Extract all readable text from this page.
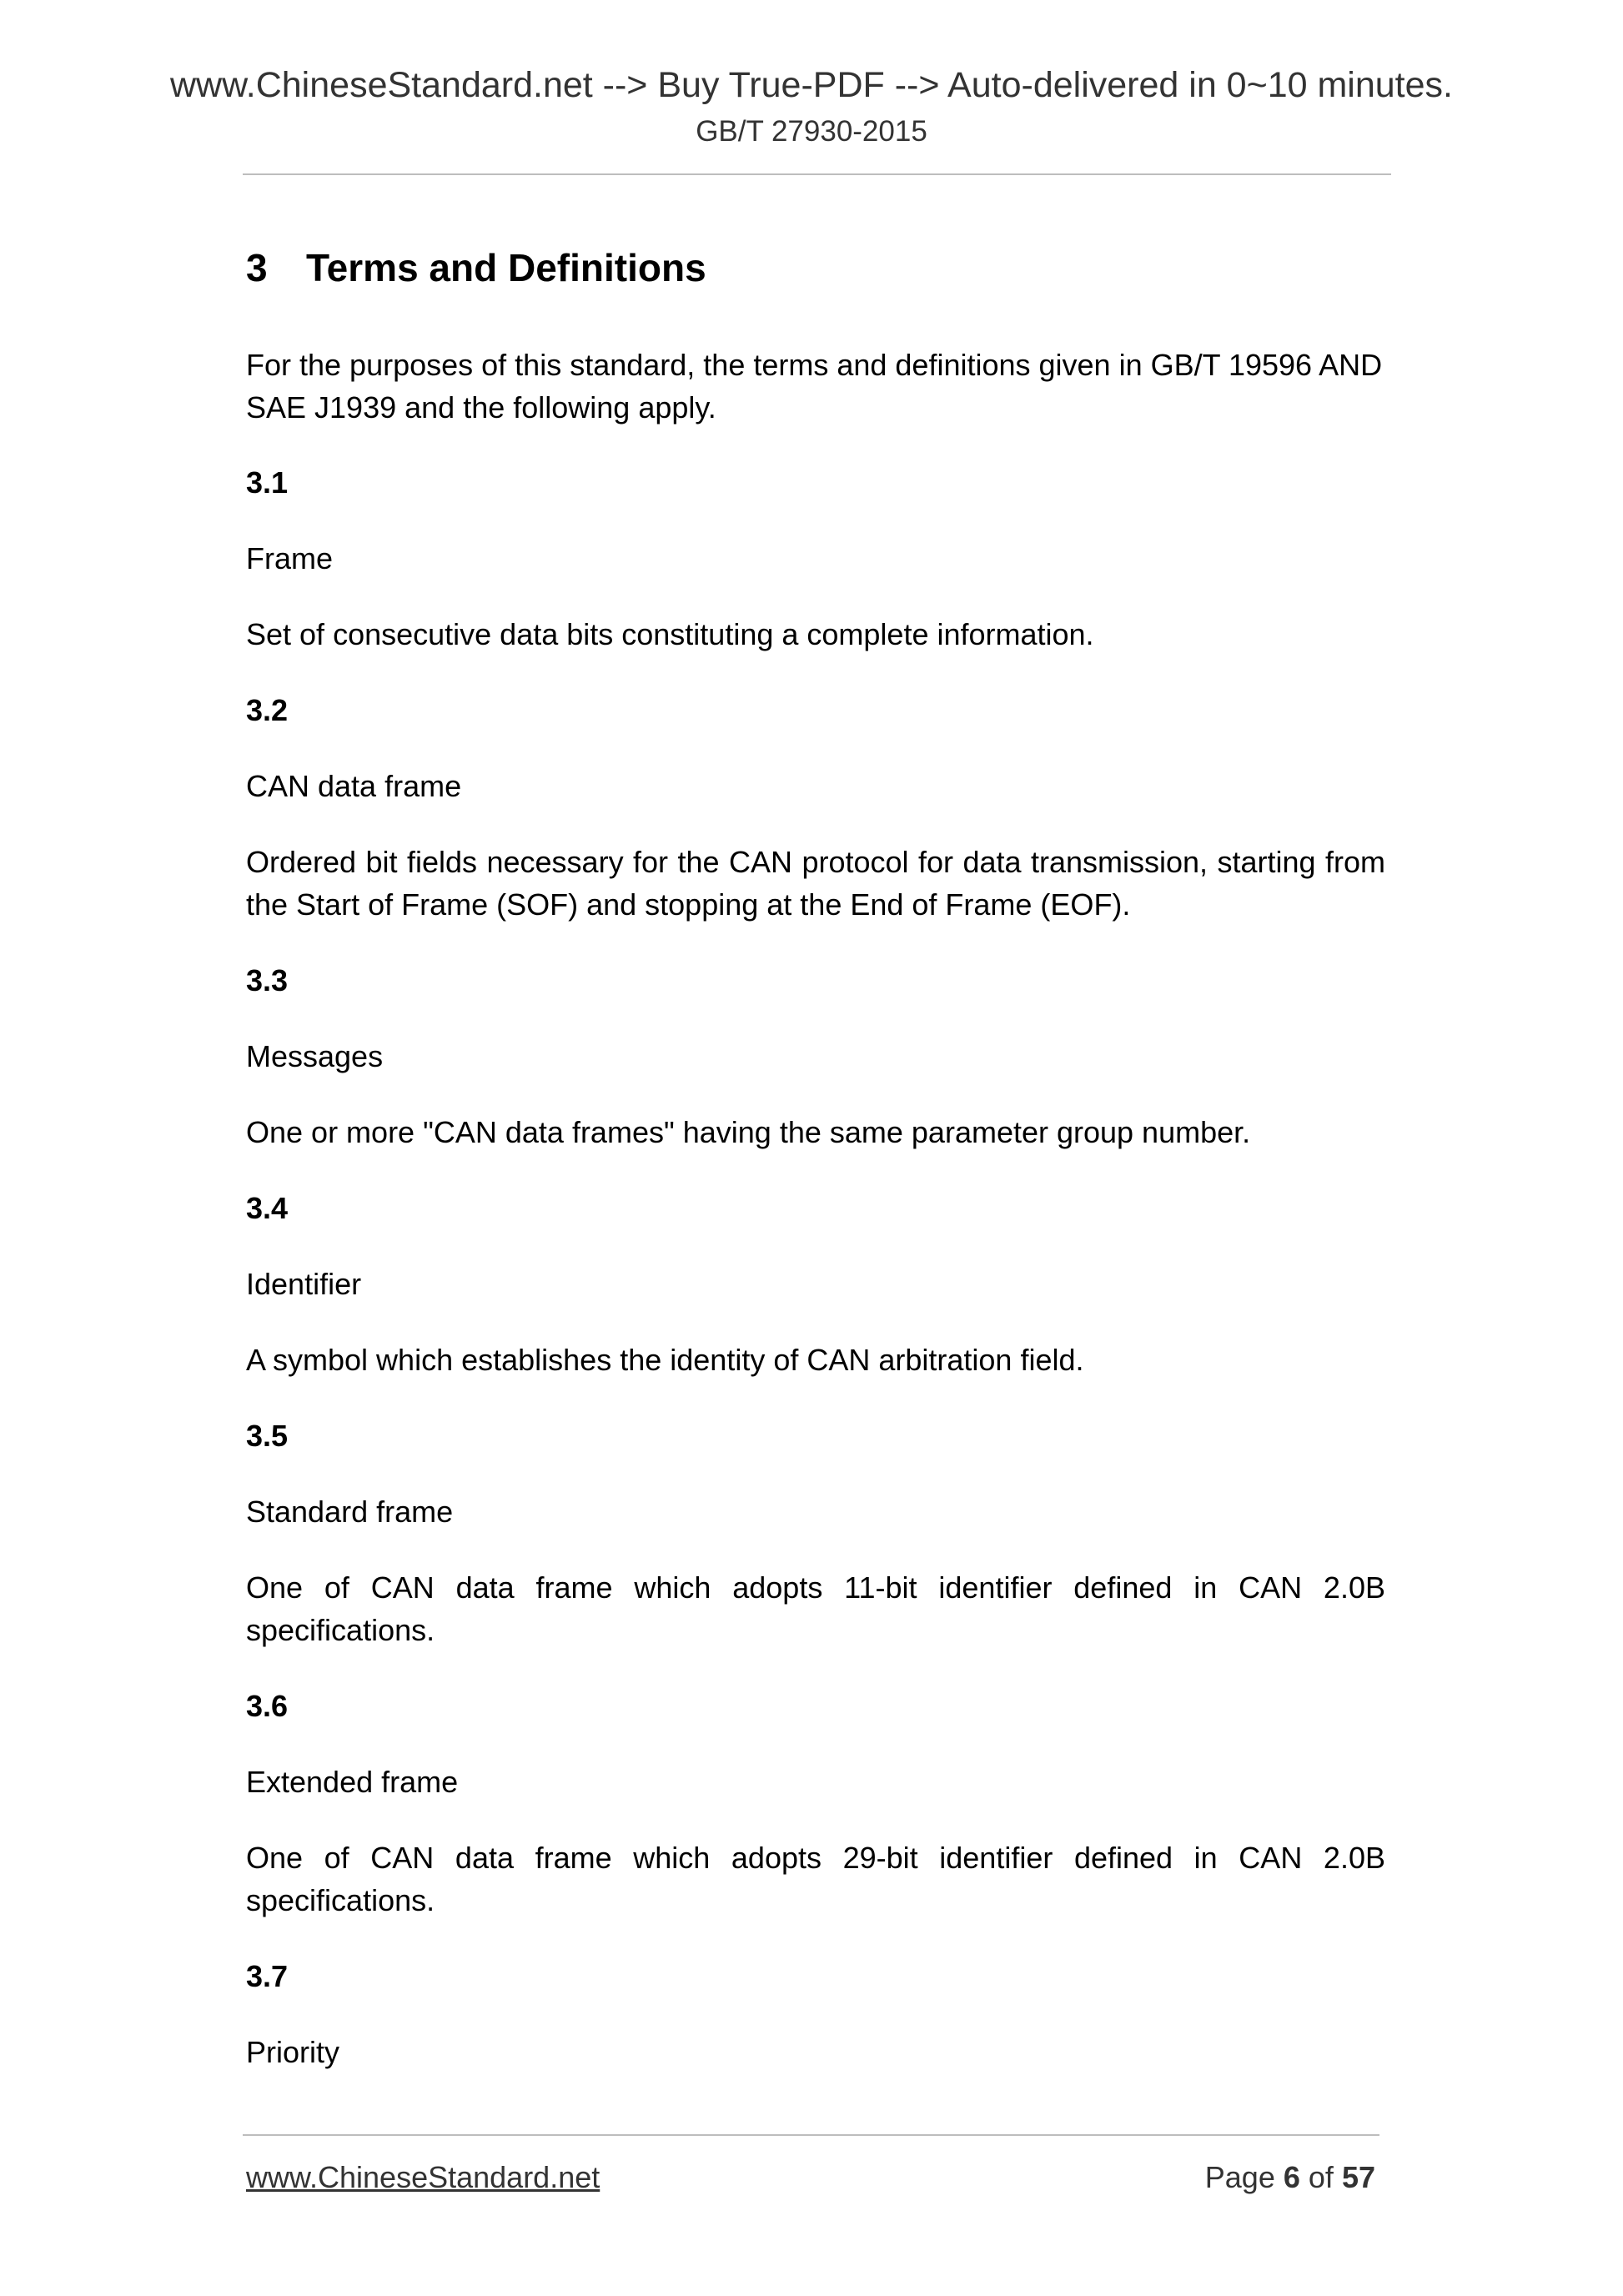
www.ChineseStandard.net --> Buy True-PDF --> Auto-delivered in 0~10 minutes.
GB/T 27930-2015
3 Terms and Definitions
For the purposes of this standard, the terms and definitions given in GB/T 19596 AND SAE J1939 and the following apply.
3.1
Frame
Set of consecutive data bits constituting a complete information.
3.2
CAN data frame
Ordered bit fields necessary for the CAN protocol for data transmission, starting from the Start of Frame (SOF) and stopping at the End of Frame (EOF).
3.3
Messages
One or more "CAN data frames" having the same parameter group number.
3.4
Identifier
A symbol which establishes the identity of CAN arbitration field.
3.5
Standard frame
One of CAN data frame which adopts 11-bit identifier defined in CAN 2.0B specifications.
3.6
Extended frame
One of CAN data frame which adopts 29-bit identifier defined in CAN 2.0B specifications.
3.7
Priority
www.ChineseStandard.net	Page 6 of 57
